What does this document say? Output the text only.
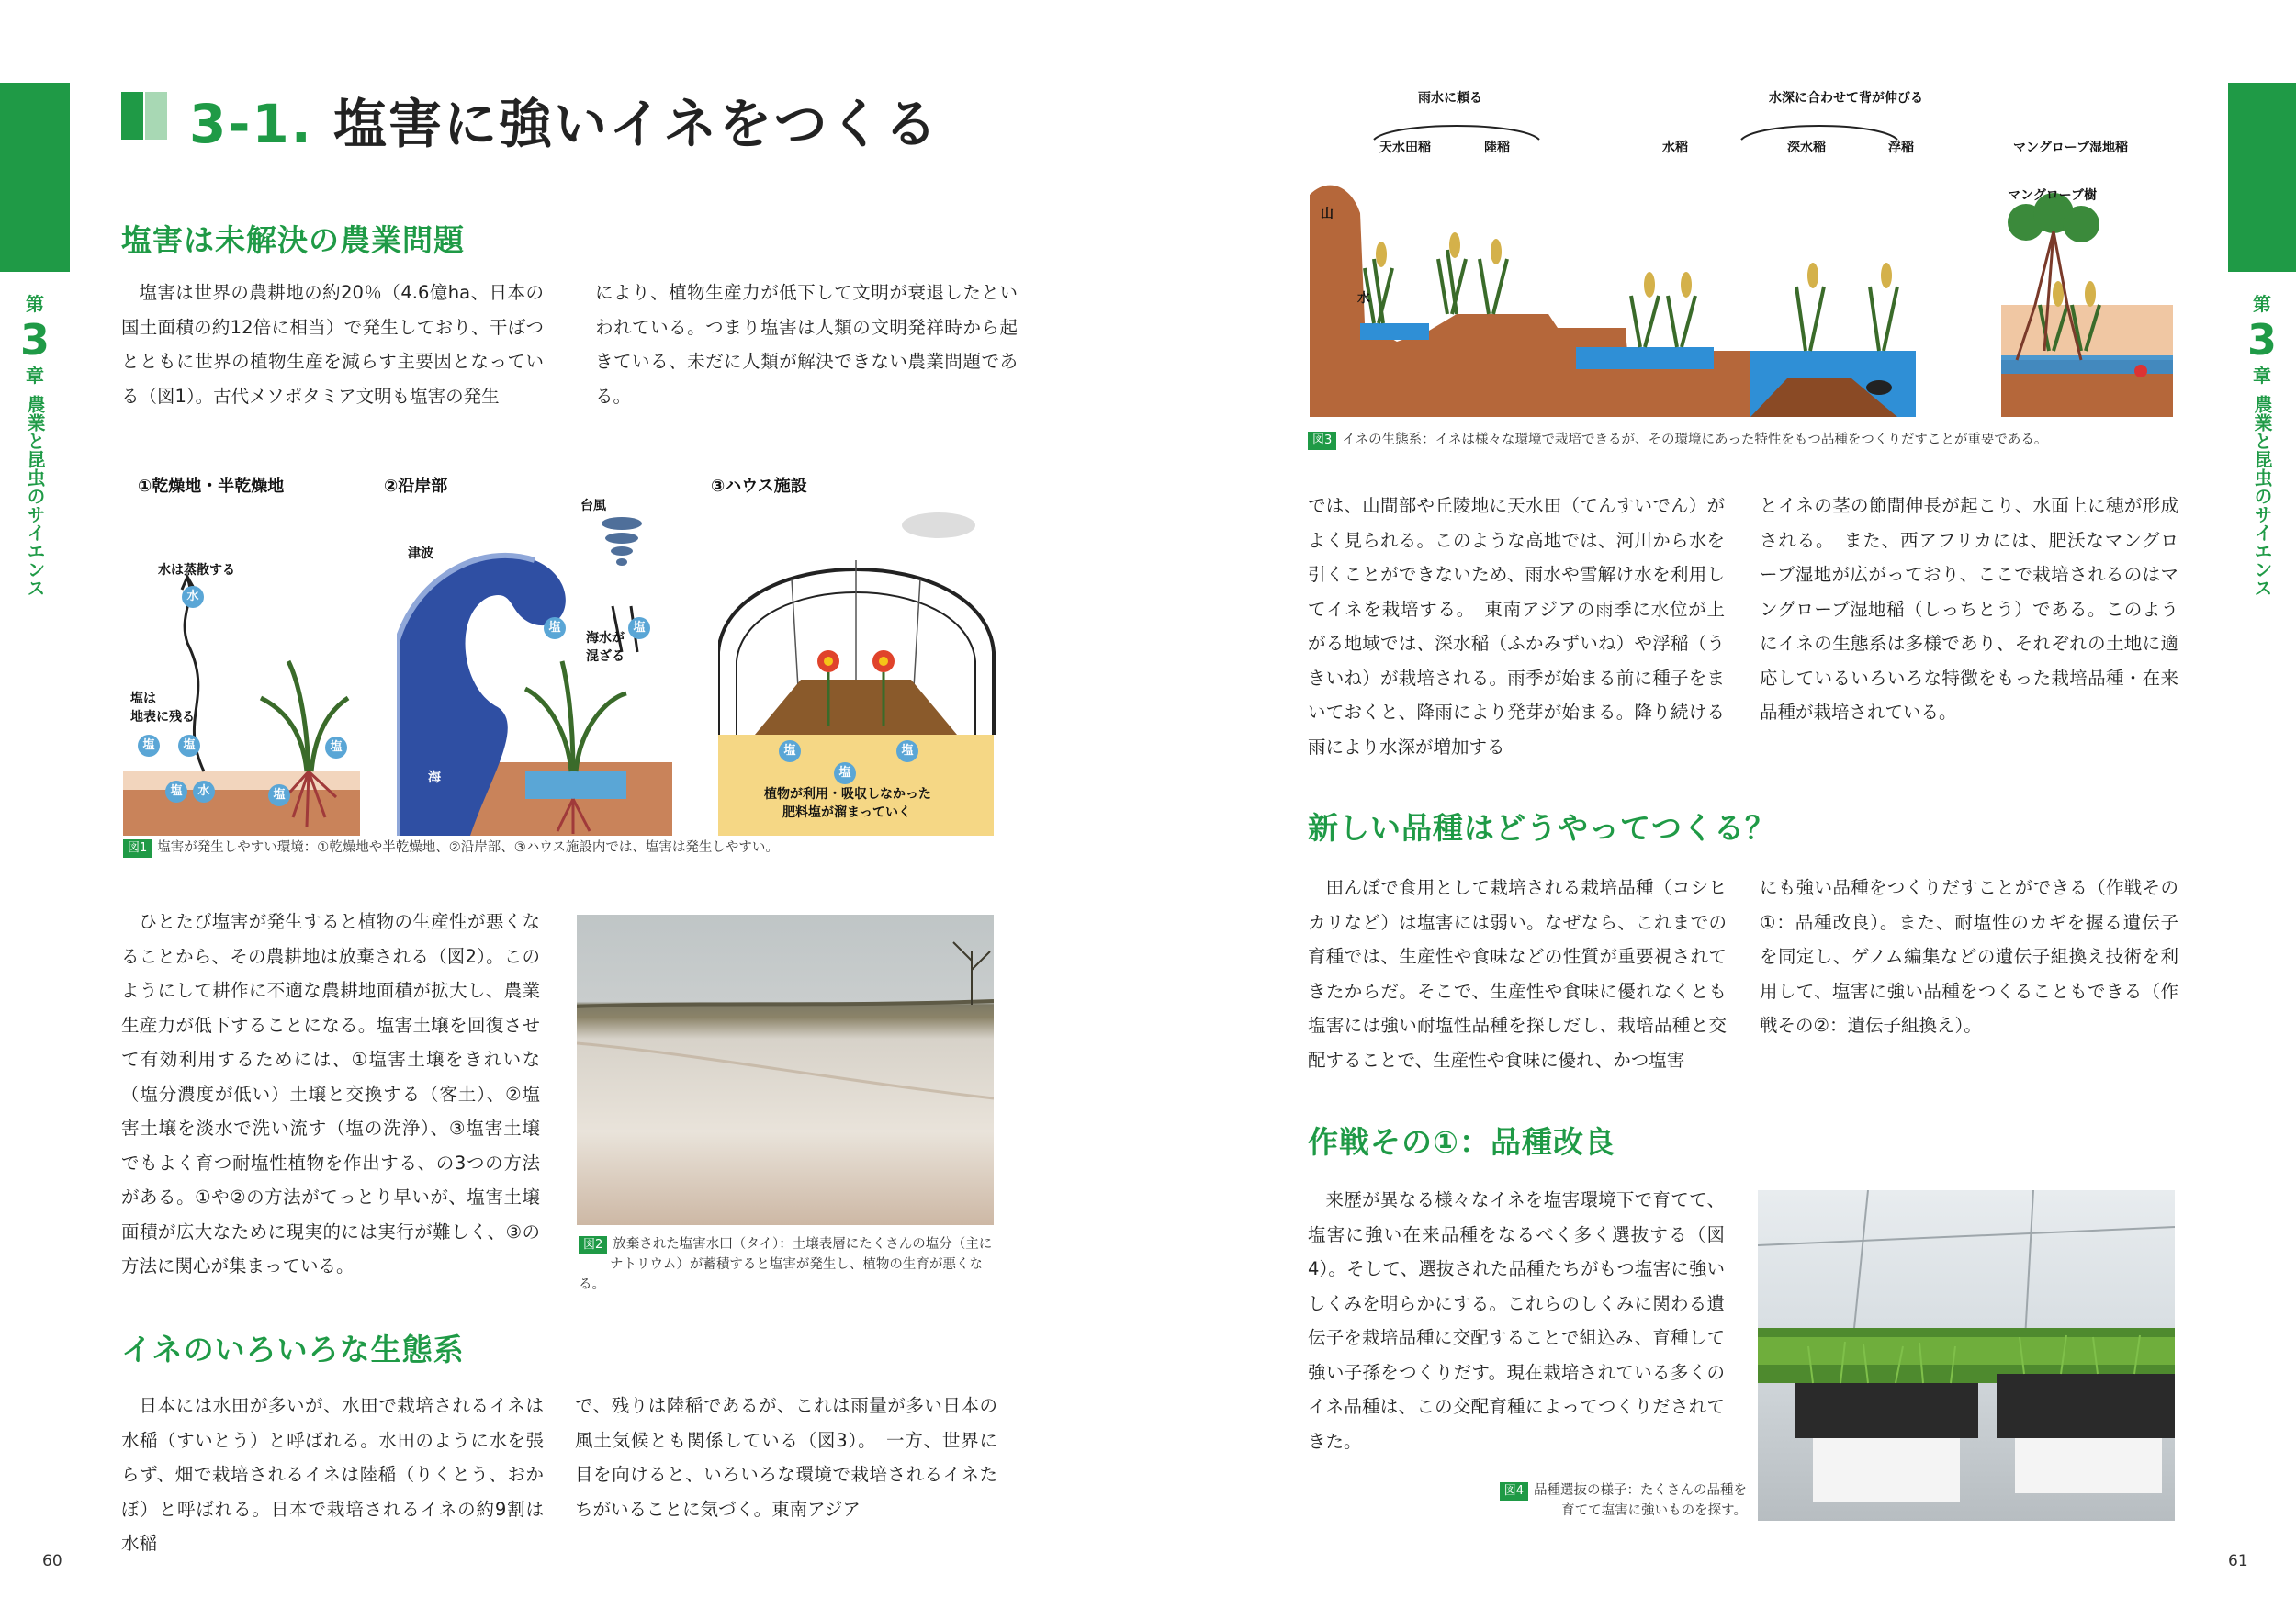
第
3
章
農業と昆虫のサイエンス
3-1. 塩害に強いイネをつくる
塩害は未解決の農業問題

塩害は世界の農耕地の約20％（4.6億ha、日本の国土面積の約12倍に相当）で発生しており、干ばつとともに世界の植物生産を減らす主要因となっている（図1）。古代メソポタミア文明も塩害の発生

により、植物生産力が低下して文明が衰退したといわれている。つまり塩害は人類の文明発祥時から起きている、未だに人類が解決できない農業問題である。

①乾燥地・半乾燥地
水は蒸散する
水
塩は
地表に残る
塩	塩	塩
塩	水	塩
②沿岸部
台風
津波
海水が
混ざる
海
塩	塩
③ハウス施設
塩
塩
塩
植物が利用・吸収しなかった
肥料塩が溜まっていく
図1 塩害が発生しやすい環境：①乾燥地や半乾燥地、②沿岸部、③ハウス施設内では、塩害は発生しやすい。

ひとたび塩害が発生すると植物の生産性が悪くなることから、その農耕地は放棄される（図2）。このようにして耕作に不適な農耕地面積が拡大し、農業生産力が低下することになる。塩害土壌を回復させて有効利用するためには、①塩害土壌をきれいな（塩分濃度が低い）土壌と交換する（客土）、②塩害土壌を淡水で洗い流す（塩の洗浄）、③塩害土壌でもよく育つ耐塩性植物を作出する、の3つの方法がある。①や②の方法がてっとり早いが、塩害土壌面積が広大なために現実的には実行が難しく、③の方法に関心が集まっている。

図2 放棄された塩害水田（タイ）：土壌表層にたくさんの塩分（主に
ナトリウム）が蓄積すると塩害が発生し、植物の生育が悪くなる。
イネのいろいろな生態系

日本には水田が多いが、水田で栽培されるイネは水稲（すいとう）と呼ばれる。水田のように水を張らず、畑で栽培されるイネは陸稲（りくとう、おかぼ）と呼ばれる。日本で栽培されるイネの約9割は水稲

で、残りは陸稲であるが、これは雨量が多い日本の風土気候とも関係している（図3）。　一方、世界に目を向けると、いろいろな環境で栽培されるイネたちがいることに気づく。東南アジア

60
第
3
章
農業と昆虫のサイエンス
雨水に頼る	水深に合わせて背が伸びる
天水田稲	陸稲	水稲	深水稲	浮稲	マングローブ湿地稲
山
水
ため池
マングローブ樹
図3 イネの生態系：イネは様々な環境で栽培できるが、その環境にあった特性をもつ品種をつくりだすことが重要である。

では、山間部や丘陵地に天水田（てんすいでん）がよく見られる。このような高地では、河川から水を引くことができないため、雨水や雪解け水を利用してイネを栽培する。　東南アジアの雨季に水位が上がる地域では、深水稲（ふかみずいね）や浮稲（うきいね）が栽培される。雨季が始まる前に種子をまいておくと、降雨により発芽が始まる。降り続ける雨により水深が増加する

とイネの茎の節間伸長が起こり、水面上に穂が形成される。　また、西アフリカには、肥沃なマングローブ湿地が広がっており、ここで栽培されるのはマングローブ湿地稲（しっちとう）である。このようにイネの生態系は多様であり、それぞれの土地に適応しているいろいろな特徴をもった栽培品種・在来品種が栽培されている。

新しい品種はどうやってつくる？

田んぼで食用として栽培される栽培品種（コシヒカリなど）は塩害には弱い。なぜなら、これまでの育種では、生産性や食味などの性質が重要視されてきたからだ。そこで、生産性や食味に優れなくとも塩害には強い耐塩性品種を探しだし、栽培品種と交配することで、生産性や食味に優れ、かつ塩害

にも強い品種をつくりだすことができる（作戦その①：品種改良）。また、耐塩性のカギを握る遺伝子を同定し、ゲノム編集などの遺伝子組換え技術を利用して、塩害に強い品種をつくることもできる（作戦その②：遺伝子組換え）。

作戦その①：品種改良

来歴が異なる様々なイネを塩害環境下で育てて、塩害に強い在来品種をなるべく多く選抜する（図4）。そして、選抜された品種たちがもつ塩害に強いしくみを明らかにする。これらのしくみに関わる遺伝子を栽培品種に交配することで組込み、育種して強い子孫をつくりだす。現在栽培されている多くのイネ品種は、この交配育種によってつくりだされてきた。

図4 品種選抜の様子：たくさんの品種を
育てて塩害に強いものを探す。
61
